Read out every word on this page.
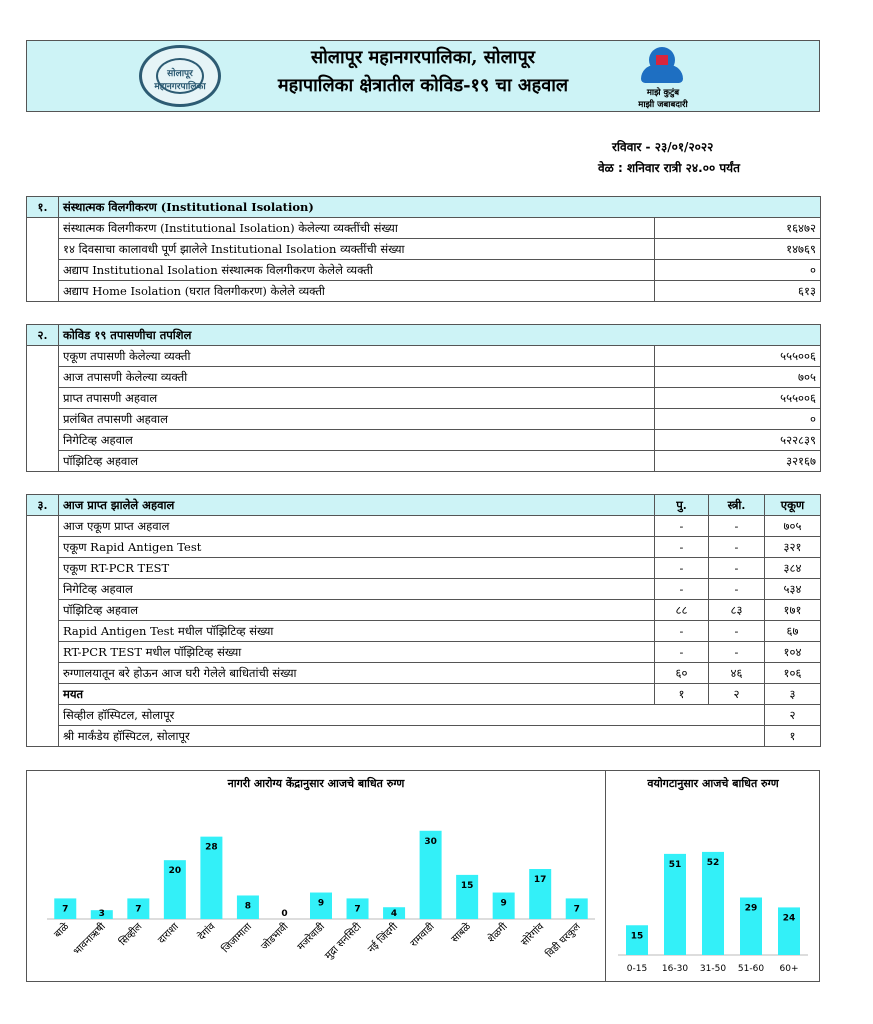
सोलापूर महानगरपालिका
सोलापूर महानगरपालिका, सोलापूर
महापालिका क्षेत्रातील कोविड-१९ चा अहवाल	माझे कुटुंब
माझी जबाबदारी
रविवार - २३/०१/२०२२
वेळ : शनिवार रात्री २४.०० पर्यंत
१.	संस्थात्मक विलगीकरण (Institutional Isolation)	
	संस्थात्मक विलगीकरण (Institutional Isolation) केलेल्या व्यक्तींची संख्या	१६४७२
	१४ दिवसाचा कालावधी पूर्ण झालेले Institutional Isolation व्यक्तींची संख्या	१४७६९
	अद्याप Institutional Isolation संस्थात्मक विलगीकरण केलेले व्यक्ती	०
	अद्याप Home Isolation (घरात विलगीकरण) केलेले व्यक्ती	६१३
२.	कोविड १९ तपासणीचा तपशिल	
	एकूण तपासणी केलेल्या व्यक्ती	५५५००६
	आज तपासणी केलेल्या व्यक्ती	७०५
	प्राप्त तपासणी अहवाल	५५५००६
	प्रलंबित तपासणी अहवाल	०
	निगेटिव्ह अहवाल	५२२८३९
	पॉझिटिव्ह अहवाल	३२१६७
३.	आज प्राप्त झालेले अहवाल	पु.	स्त्री.	एकूण
	आज एकूण प्राप्त अहवाल	-	-	७०५
	एकूण Rapid Antigen Test	-	-	३२१
	एकूण RT-PCR TEST	-	-	३८४
	निगेटिव्ह अहवाल	-	-	५३४
	पॉझिटिव्ह अहवाल	८८	८३	१७१
	Rapid Antigen Test मधील पॉझिटिव्ह संख्या	-	-	६७
	RT-PCR TEST मधील पॉझिटिव्ह संख्या	-	-	१०४
	रुग्णालयातून बरे होऊन आज घरी गेलेले बाधितांची संख्या	६०	४६	१०६
	मयत	१	२	३
	सिव्हील हॉस्पिटल, सोलापूर			२
	श्री मार्कंडेय हॉस्पिटल, सोलापूर			१
नागरी आरोग्य केंद्रानुसार आजचे बाधित रुग्ण	वयोगटानुसार आजचे बाधित रुग्ण
7
बाळे
3
भावनाऋषी
7
सिव्हील
20
दाराशा
28
देगांव
8
जिजामाता
0
जोडभावी
9
मजरेवाडी
7
मुद्रा सनसिटी
4
नई जिंदगी
30
रामवाडी
15
साबळे
9
शेळगी
17
सोरेगांव
7
विडी घरकुल	15
0-15
51
16-30
52
31-50
29
51-60
24
60+
